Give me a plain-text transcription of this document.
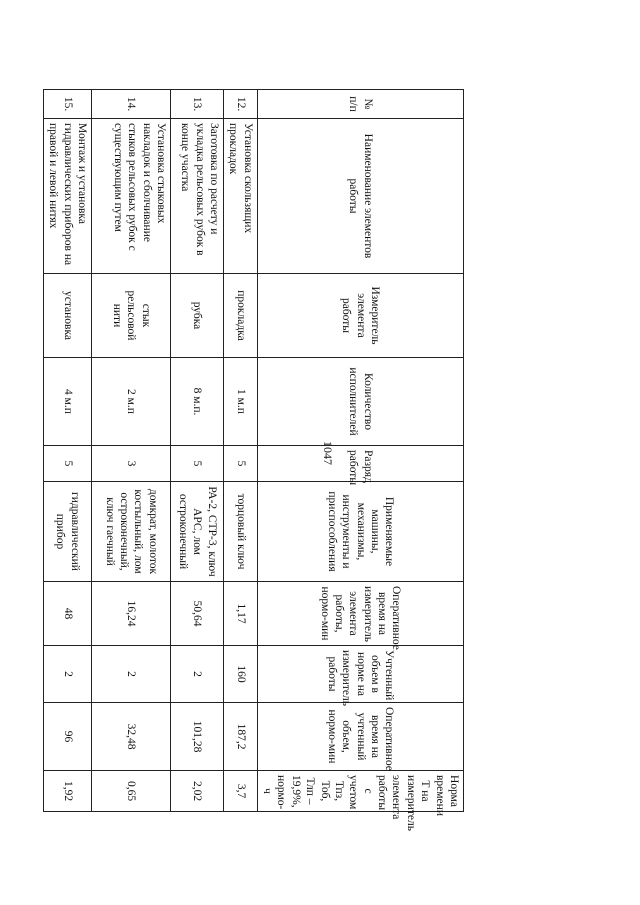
1047
№ п/п	Наименование элементов работы	Измеритель элемента работы	Количество исполнителей	Разряд работы	Применяемые машины, механизмы, инструменты и приспособления	Оперативное время на измеритель элемента работы, нормо-мин	Учтенный объем в норме на измеритель работы	Оперативное время на учтенный объем, нормо-мин	Норма времени Т на измеритель элемента работы с учетом Тпз, Тоб, Тлп – 19,9%, нормо-ч
12.	Установка скользящих прокладок	прокладка	1 м.п	5	торцовый ключ	1,17	160	187,2	3,7
13.	Заготовка по расчету и укладка рельсовых рубок в конце участка	рубка	8 м.п.	5	РА-2, СТР-3, ключ АРС, лом остроконечный	50,64	2	101,28	2,02
14.	Установка стыковых накладок и сболчивание стыков рельсовых рубок с существующим путем	стык рельсовой нити	2 м.п	3	домкрат, молоток костыльный, лом остроконечный, ключ гаечный	16,24	2	32,48	0,65
15.	Монтаж и установка гидравлических приборов на правой и левой нитях	установка	4 м.п	5	гидравлический прибор	48	2	96	1,92
